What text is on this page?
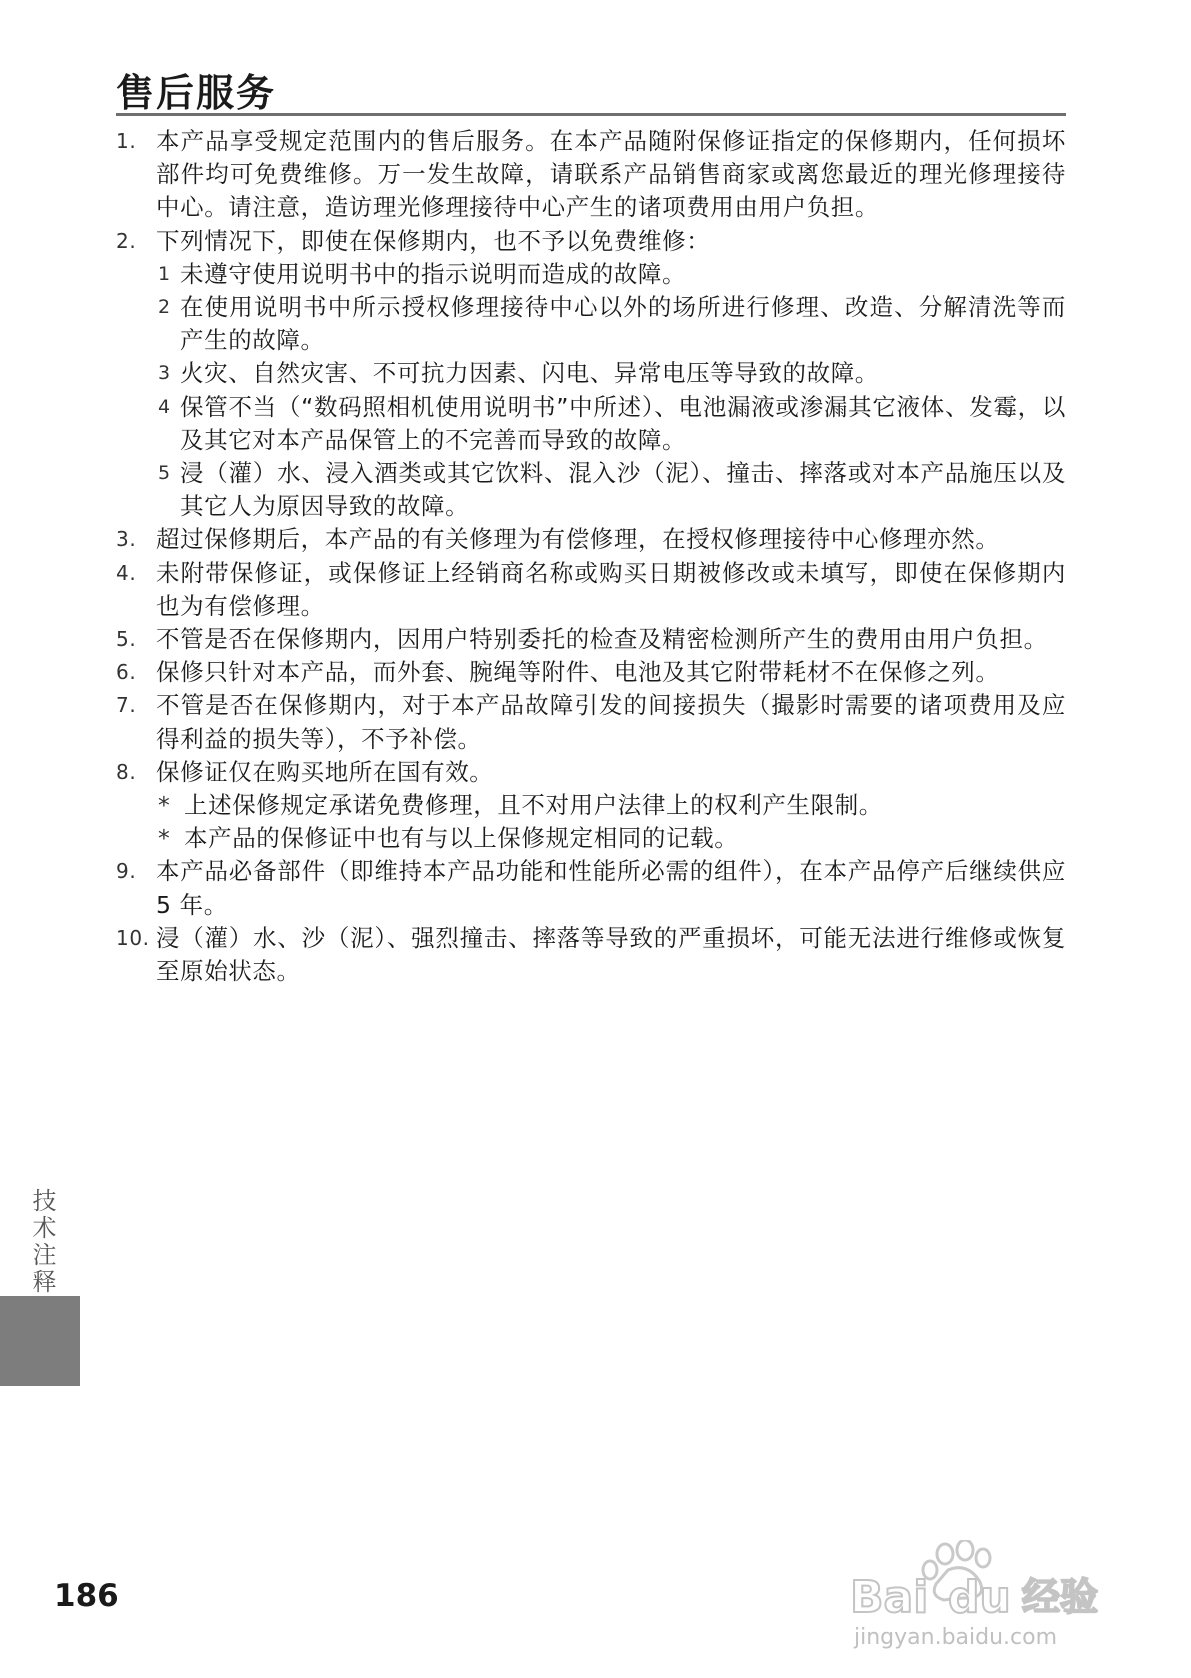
售后服务
1. 本产品享受规定范围内的售后服务。在本产品随附保修证指定的保修期内，任何损坏部件均可免费维修。万一发生故障，请联系产品销售商家或离您最近的理光修理接待中心。请注意，造访理光修理接待中心产生的诸项费用由用户负担。
2. 下列情况下，即使在保修期内，也不予以免费维修：
1 未遵守使用说明书中的指示说明而造成的故障。
2 在使用说明书中所示授权修理接待中心以外的场所进行修理、改造、分解清洗等而产生的故障。
3 火灾、自然灾害、不可抗力因素、闪电、异常电压等导致的故障。
4 保管不当（“数码照相机使用说明书”中所述）、电池漏液或渗漏其它液体、发霉，以及其它对本产品保管上的不完善而导致的故障。
5 浸（灌）水、浸入酒类或其它饮料、混入沙（泥）、撞击、摔落或对本产品施压以及其它人为原因导致的故障。
3. 超过保修期后，本产品的有关修理为有偿修理，在授权修理接待中心修理亦然。
4. 未附带保修证，或保修证上经销商名称或购买日期被修改或未填写，即使在保修期内也为有偿修理。
5. 不管是否在保修期内，因用户特别委托的检查及精密检测所产生的费用由用户负担。
6. 保修只针对本产品，而外套、腕绳等附件、电池及其它附带耗材不在保修之列。
7. 不管是否在保修期内，对于本产品故障引发的间接损失（撮影时需要的诸项费用及应得利益的损失等），不予补偿。
8. 保修证仅在购买地所在国有效。
* 上述保修规定承诺免费修理，且不对用户法律上的权利产生限制。
* 本产品的保修证中也有与以上保修规定相同的记载。
9. 本产品必备部件（即维持本产品功能和性能所必需的组件），在本产品停产后继续供应 5 年。
10. 浸（灌）水、沙（泥）、强烈撞击、摔落等导致的严重损坏，可能无法进行维修或恢复至原始状态。
技术注释
186	Bai du 经验
jingyan.baidu.com
